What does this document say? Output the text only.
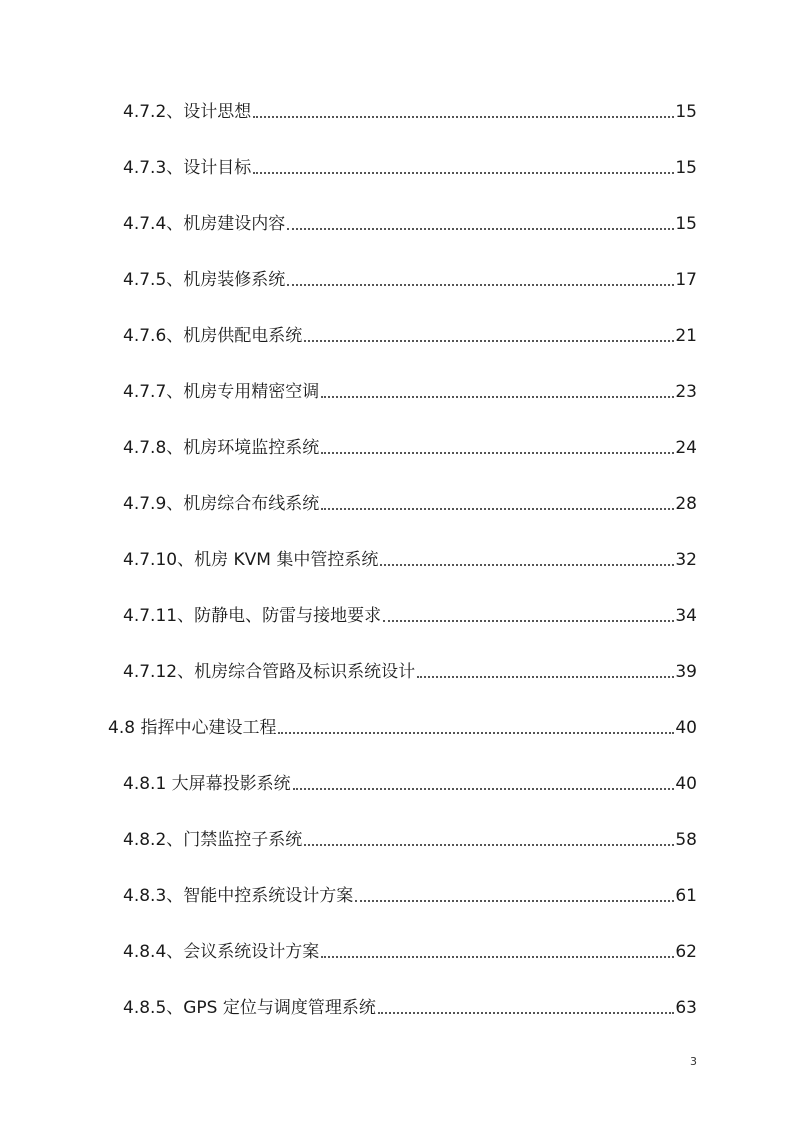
4.7.2、设计思想	15
4.7.3、设计目标	15
4.7.4、机房建设内容	15
4.7.5、机房装修系统	17
4.7.6、机房供配电系统	21
4.7.7、机房专用精密空调	23
4.7.8、机房环境监控系统	24
4.7.9、机房综合布线系统	28
4.7.10、机房 KVM 集中管控系统	32
4.7.11、防静电、防雷与接地要求	34
4.7.12、机房综合管路及标识系统设计	39
4.8 指挥中心建设工程	40
4.8.1 大屏幕投影系统	40
4.8.2、门禁监控子系统	58
4.8.3、智能中控系统设计方案	61
4.8.4、会议系统设计方案	62
4.8.5、GPS 定位与调度管理系统	63
3
